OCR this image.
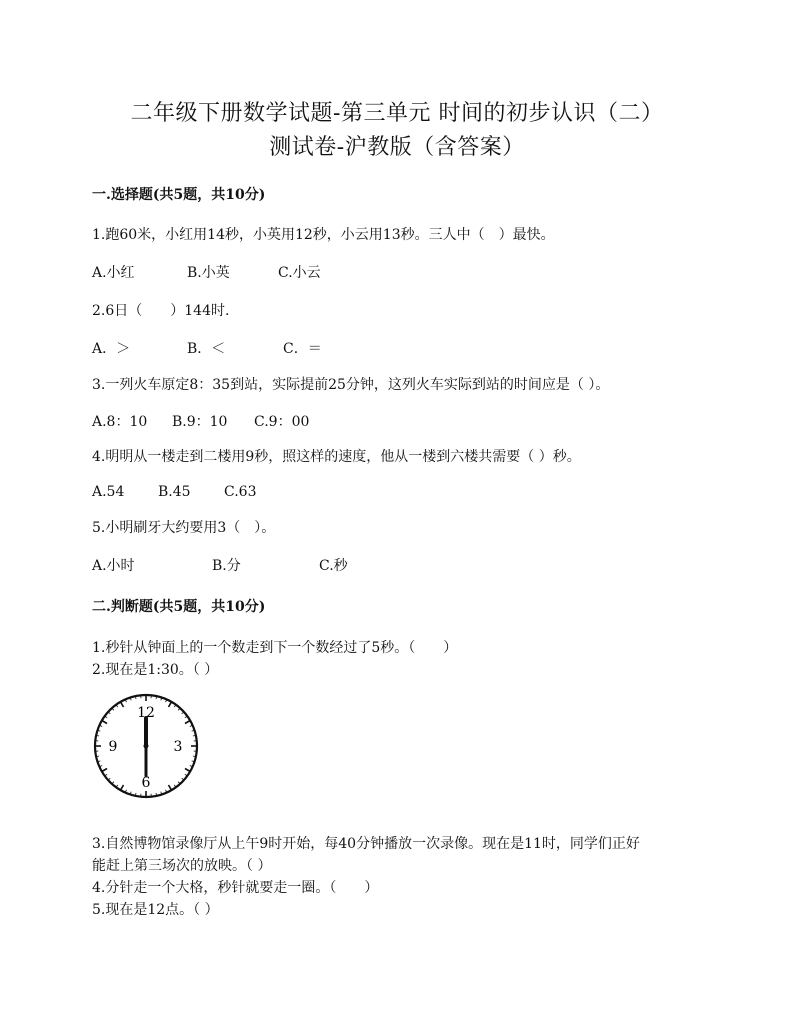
二年级下册数学试题-第三单元 时间的初步认识（二）
测试卷-沪教版（含答案）
一.选择题(共5题，共10分)
1.跑60米，小红用14秒，小英用12秒，小云用13秒。三人中（　）最快。
A.小红	B.小英	C.小云
2.6日（　　）144时.
A．＞	B．＜	C．＝
3.一列火车原定8：35到站，实际提前25分钟，这列火车实际到站的时间应是（ ）。
A.8：10 B.9：10 C.9：00
4.明明从一楼走到二楼用9秒，照这样的速度，他从一楼到六楼共需要（ ）秒。
A.54 B.45 C.63
5.小明刷牙大约要用3（　）。
A.小时	B.分	C.秒
二.判断题(共5题，共10分)
1.秒针从钟面上的一个数走到下一个数经过了5秒。（　　）
2.现在是1:30。（ ）
12
3
6
9
3.自然博物馆录像厅从上午9时开始，每40分钟播放一次录像。现在是11时，同学们正好
能赶上第三场次的放映。（ ）
4.分针走一个大格，秒针就要走一圈。（　　）
5.现在是12点。（ ）
